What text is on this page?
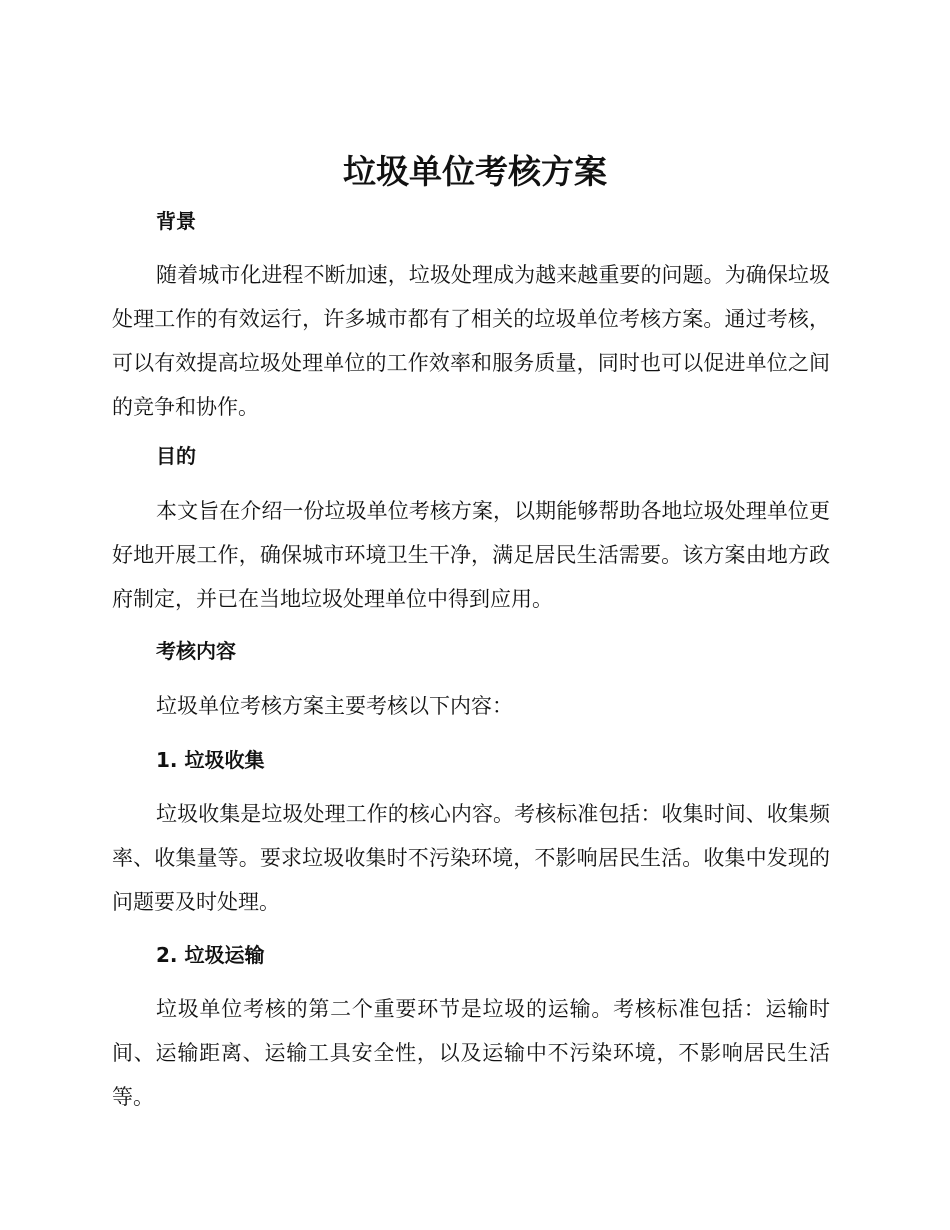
垃圾单位考核方案
背景

随着城市化进程不断加速，垃圾处理成为越来越重要的问题。为确保垃圾处理工作的有效运行，许多城市都有了相关的垃圾单位考核方案。通过考核，可以有效提高垃圾处理单位的工作效率和服务质量，同时也可以促进单位之间的竞争和协作。

目的

本文旨在介绍一份垃圾单位考核方案，以期能够帮助各地垃圾处理单位更好地开展工作，确保城市环境卫生干净，满足居民生活需要。该方案由地方政府制定，并已在当地垃圾处理单位中得到应用。

考核内容

垃圾单位考核方案主要考核以下内容：

1. 垃圾收集

垃圾收集是垃圾处理工作的核心内容。考核标准包括：收集时间、收集频率、收集量等。要求垃圾收集时不污染环境，不影响居民生活。收集中发现的问题要及时处理。

2. 垃圾运输

垃圾单位考核的第二个重要环节是垃圾的运输。考核标准包括：运输时间、运输距离、运输工具安全性，以及运输中不污染环境，不影响居民生活等。
